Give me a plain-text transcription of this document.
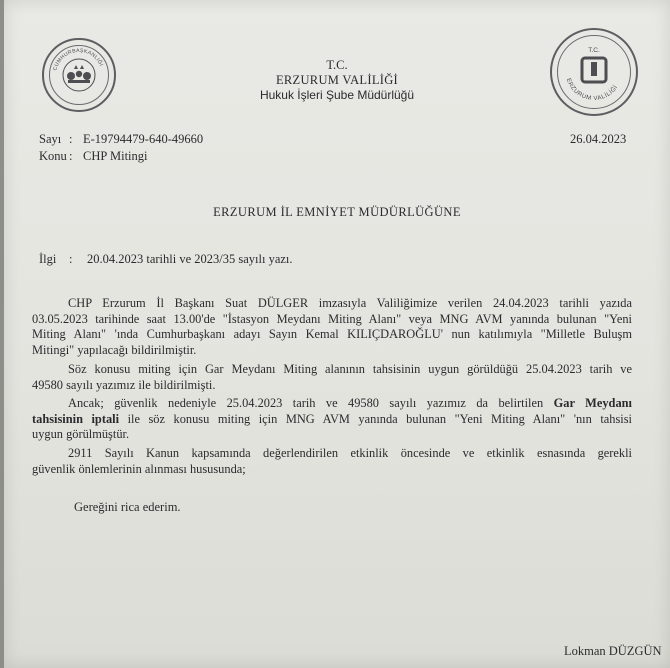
CUMHURBAŞKANLIĞI
T.C.
ERZURUM VALİLİĞİ
T.C.
ERZURUM VALİLİĞİ
Hukuk İşleri Şube Müdürlüğü
Sayı : E-19794479-640-49660	26.04.2023
Konu : CHP Mitingi
ERZURUM İL EMNİYET MÜDÜRLÜĞÜNE
İlgi : 20.04.2023 tarihli ve 2023/35 sayılı yazı.
CHP Erzurum İl Başkanı Suat DÜLGER imzasıyla Valiliğimize verilen 24.04.2023 tarihli yazıda
03.05.2023 tarihinde saat 13.00'de "İstasyon Meydanı Miting Alanı" veya MNG AVM yanında bulunan "Yeni
Miting Alanı" 'ında Cumhurbaşkanı adayı Sayın Kemal KILIÇDAROĞLU' nun katılımıyla "Milletle Buluşm
Mitingi" yapılacağı bildirilmiştir.
Söz konusu miting için Gar Meydanı Miting alanının tahsisinin uygun görüldüğü 25.04.2023 tarih ve
49580 sayılı yazımız ile bildirilmişti.
Ancak; güvenlik nedeniyle 25.04.2023 tarih ve 49580 sayılı yazımız da belirtilen Gar Meydanı
tahsisinin iptali ile söz konusu miting için MNG AVM yanında bulunan "Yeni Miting Alanı" 'nın tahsisi
uygun görülmüştür.
2911 Sayılı Kanun kapsamında değerlendirilen etkinlik öncesinde ve etkinlik esnasında gerekli
güvenlik önlemlerinin alınması hususunda;
Gereğini rica ederim.
Lokman DÜZGÜN
